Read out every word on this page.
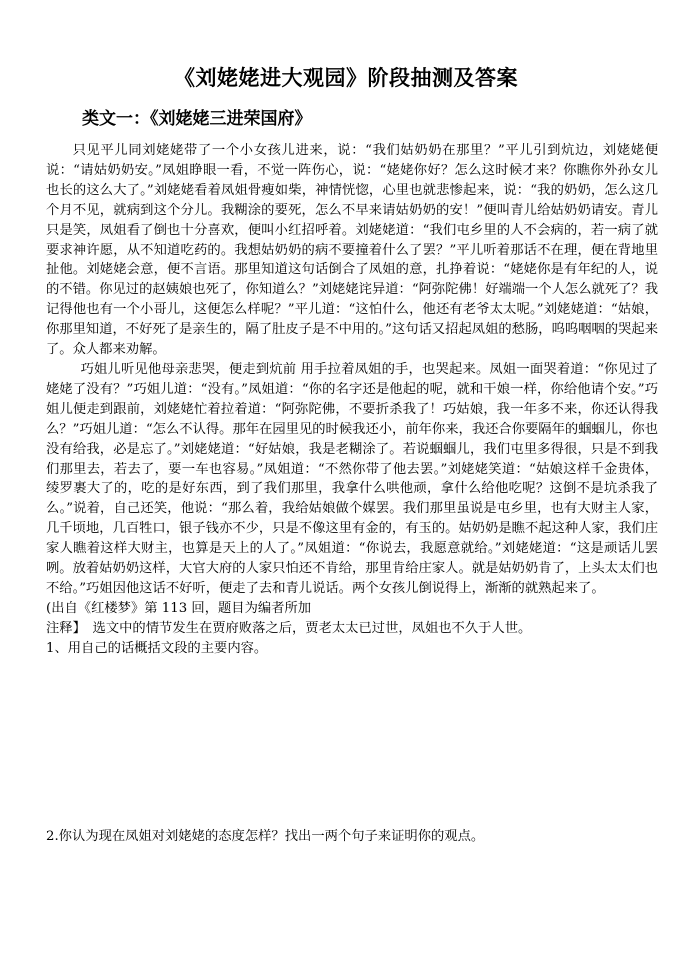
《刘姥姥进大观园》阶段抽测及答案
类文一：《刘姥姥三进荣国府》

只见平儿同刘姥姥带了一个小女孩儿进来，说：“我们姑奶奶在那里？”平儿引到炕边，刘姥姥便说：“请姑奶奶安。”凤姐睁眼一看，不觉一阵伤心，说：“姥姥你好？怎么这时候才来？你瞧你外孙女儿也长的这么大了。”刘姥姥看着凤姐骨瘦如柴，神情恍惚，心里也就悲惨起来，说：“我的奶奶，怎么这几个月不见，就病到这个分儿。我糊涂的要死，怎么不早来请姑奶奶的安！”便叫青儿给姑奶奶请安。青儿只是笑，凤姐看了倒也十分喜欢，便叫小红招呼着。刘姥姥道：“我们屯乡里的人不会病的，若一病了就要求神许愿，从不知道吃药的。我想姑奶奶的病不要撞着什么了罢？”平儿听着那话不在理，便在背地里扯他。刘姥姥会意，便不言语。那里知道这句话倒合了凤姐的意，扎挣着说：“姥姥你是有年纪的人，说的不错。你见过的赵姨娘也死了，你知道么？”刘姥姥诧异道：“阿弥陀佛！好端端一个人怎么就死了？我记得他也有一个小哥儿，这便怎么样呢？”平儿道：“这怕什么，他还有老爷太太呢。”刘姥姥道：“姑娘，你那里知道，不好死了是亲生的，隔了肚皮子是不中用的。”这句话又招起凤姐的愁肠，呜呜咽咽的哭起来了。众人都来劝解。

巧姐儿听见他母亲悲哭，便走到炕前 用手拉着凤姐的手，也哭起来。凤姐一面哭着道：“你见过了姥姥了没有？”巧姐儿道：“没有。”凤姐道：“你的名字还是他起的呢，就和干娘一样，你给他请个安。”巧姐儿便走到跟前，刘姥姥忙着拉着道：“阿弥陀佛，不要折杀我了！巧姑娘，我一年多不来，你还认得我么？”巧姐儿道：“怎么不认得。那年在园里见的时候我还小，前年你来，我还合你要隔年的蝈蝈儿，你也没有给我，必是忘了。”刘姥姥道：“好姑娘，我是老糊涂了。若说蝈蝈儿，我们屯里多得很，只是不到我们那里去，若去了，要一车也容易。”凤姐道：“不然你带了他去罢。”刘姥姥笑道：“姑娘这样千金贵体，绫罗裹大了的，吃的是好东西，到了我们那里，我拿什么哄他顽，拿什么给他吃呢？这倒不是坑杀我了么。”说着，自己还笑，他说：“那么着，我给姑娘做个媒罢。我们那里虽说是屯乡里，也有大财主人家，几千顷地，几百牲口，银子钱亦不少，只是不像这里有金的，有玉的。姑奶奶是瞧不起这种人家，我们庄家人瞧着这样大财主，也算是天上的人了。”凤姐道：“你说去，我愿意就给。”刘姥姥道：“这是顽话儿罢咧。放着姑奶奶这样，大官大府的人家只怕还不肯给，那里肯给庄家人。就是姑奶奶肯了，上头太太们也不给。”巧姐因他这话不好听，便走了去和青儿说话。两个女孩儿倒说得上，渐渐的就熟起来了。

(出自《红楼梦》第 113 回，题目为编者所加

注释】　选文中的情节发生在贾府败落之后，贾老太太已过世，凤姐也不久于人世。

1、用自己的话概括文段的主要内容。

2.你认为现在凤姐对刘姥姥的态度怎样？找出一两个句子来证明你的观点。
